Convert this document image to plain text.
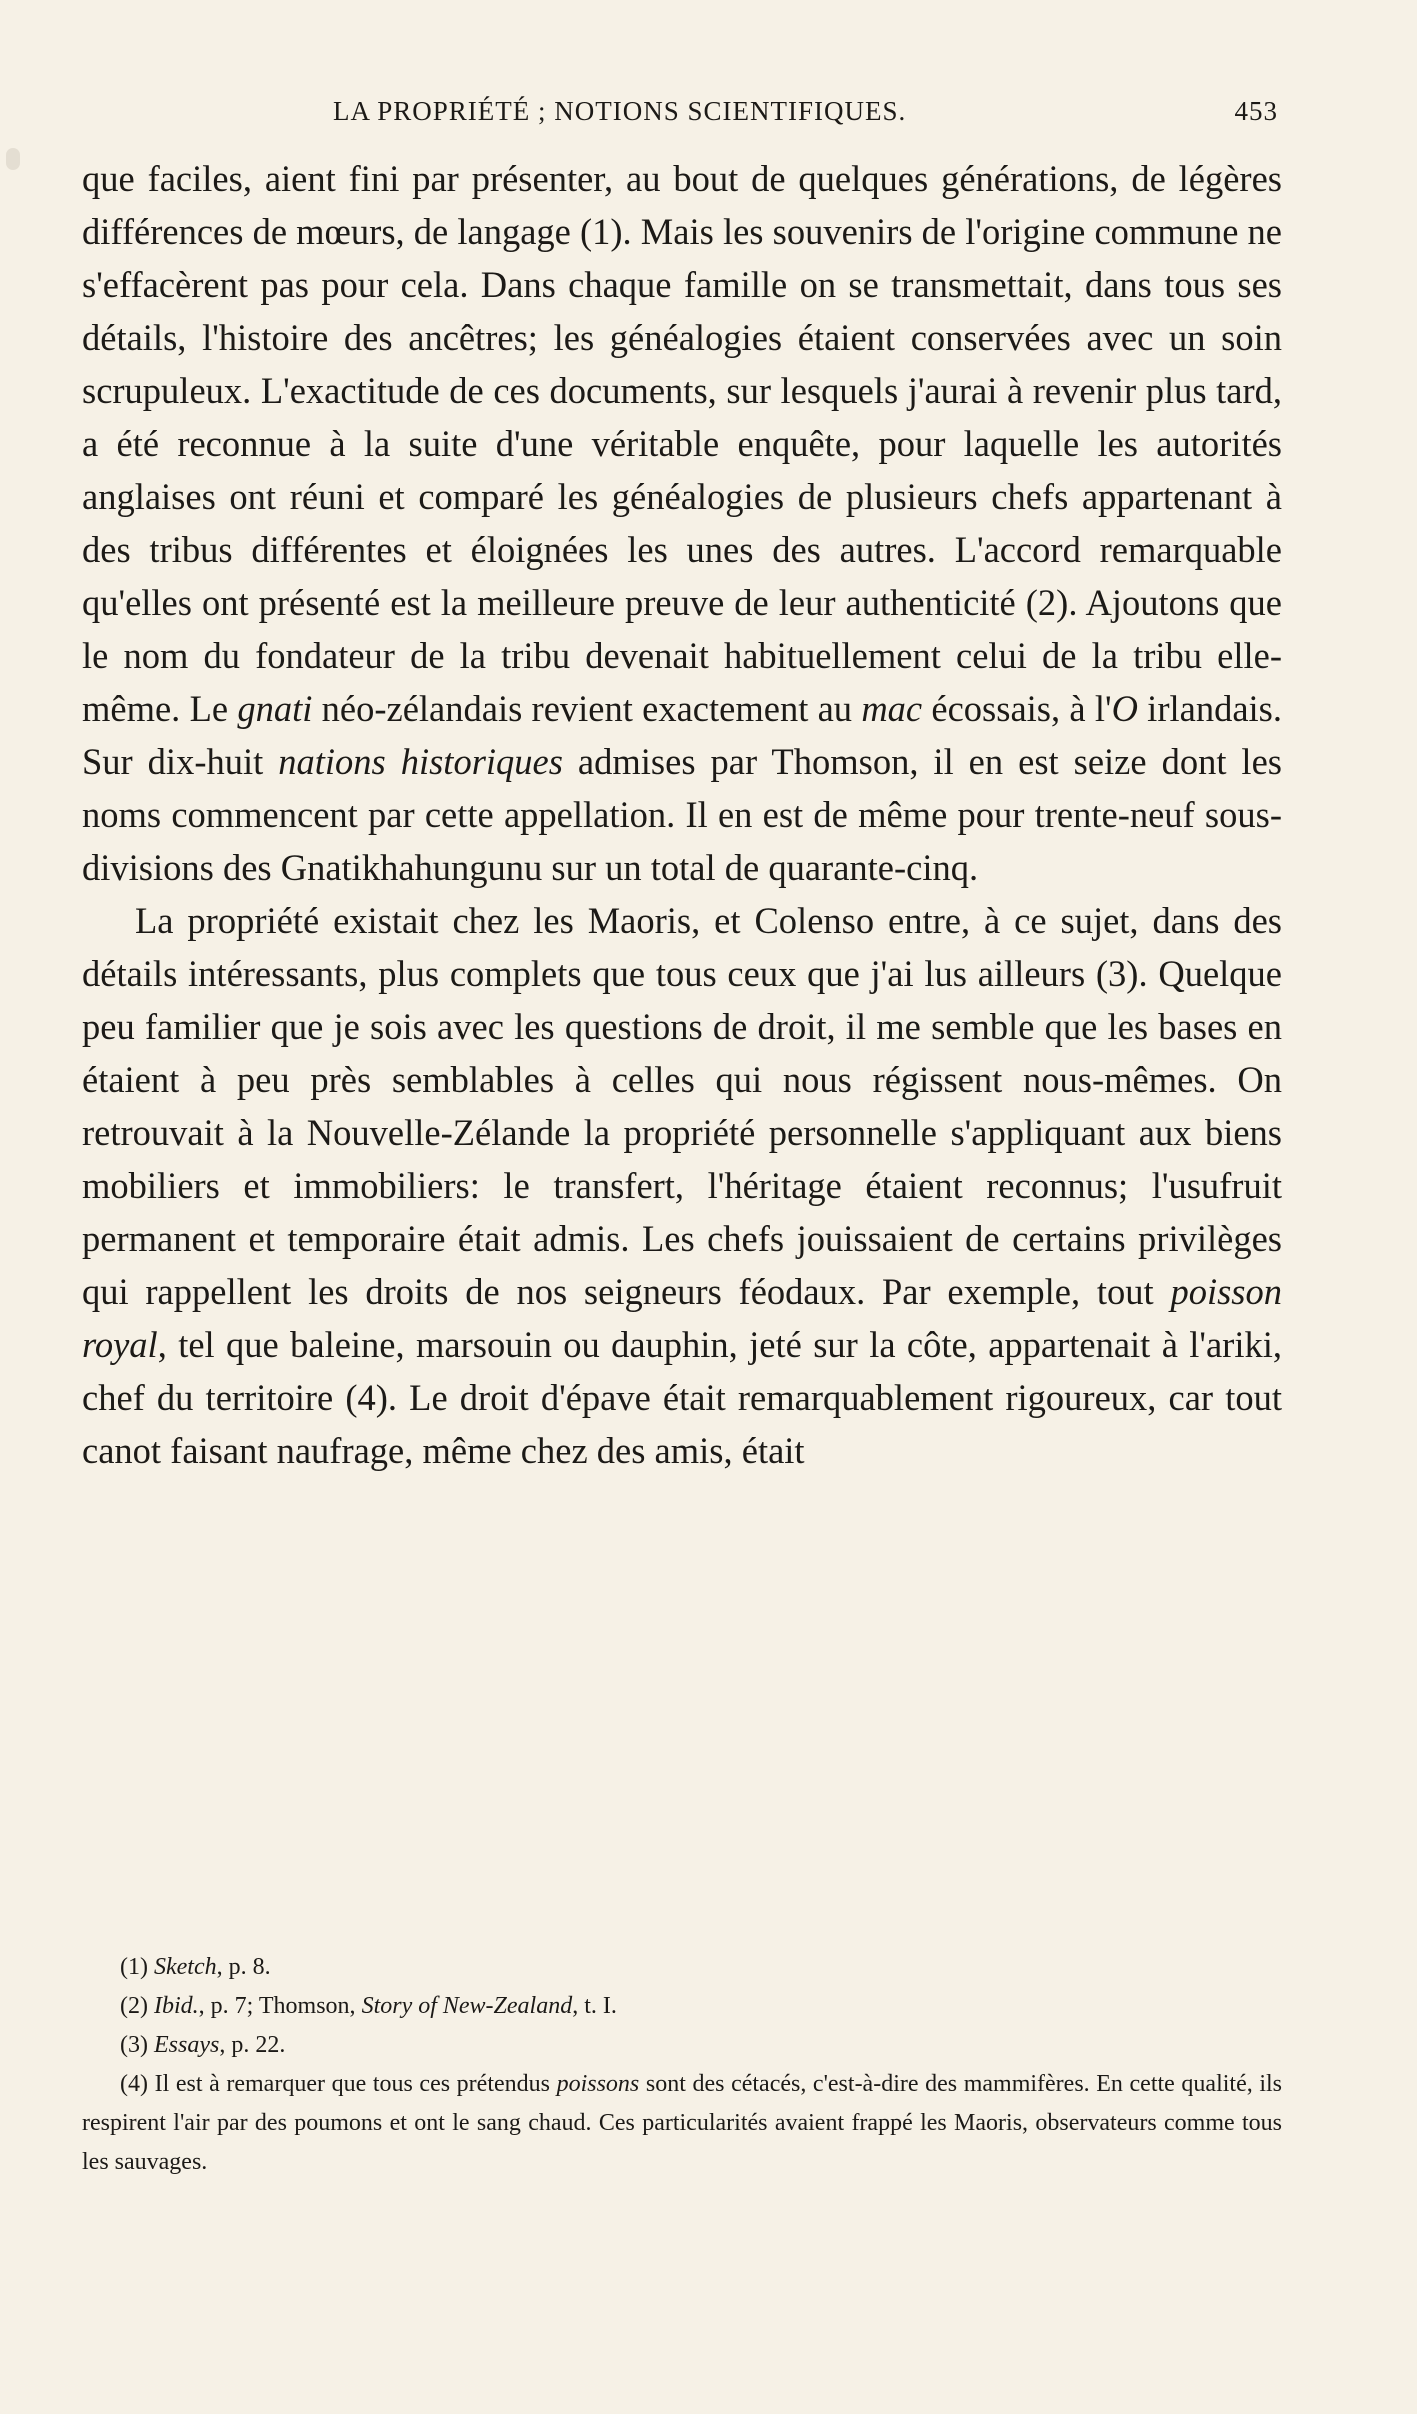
LA PROPRIÉTÉ ; NOTIONS SCIENTIFIQUES.	453

que faciles, aient fini par présenter, au bout de quelques générations, de légères différences de mœurs, de langage (1). Mais les souvenirs de l'origine commune ne s'effacèrent pas pour cela. Dans chaque famille on se transmettait, dans tous ses détails, l'histoire des ancêtres; les généalogies étaient conservées avec un soin scrupuleux. L'exactitude de ces documents, sur lesquels j'aurai à revenir plus tard, a été reconnue à la suite d'une véritable enquête, pour laquelle les autorités anglaises ont réuni et comparé les généalogies de plusieurs chefs appartenant à des tribus différentes et éloignées les unes des autres. L'accord remarquable qu'elles ont présenté est la meilleure preuve de leur authenticité (2). Ajoutons que le nom du fondateur de la tribu devenait habituellement celui de la tribu elle-même. Le gnati néo-zélandais revient exactement au mac écossais, à l'O irlandais. Sur dix-huit nations historiques admises par Thomson, il en est seize dont les noms commencent par cette appellation. Il en est de même pour trente-neuf sous-divisions des Gnatikhahungunu sur un total de quarante-cinq.

La propriété existait chez les Maoris, et Colenso entre, à ce sujet, dans des détails intéressants, plus complets que tous ceux que j'ai lus ailleurs (3). Quelque peu familier que je sois avec les questions de droit, il me semble que les bases en étaient à peu près semblables à celles qui nous régissent nous-mêmes. On retrouvait à la Nouvelle-Zélande la propriété personnelle s'appliquant aux biens mobiliers et immobiliers: le transfert, l'héritage étaient reconnus; l'usufruit permanent et temporaire était admis. Les chefs jouissaient de certains privilèges qui rappellent les droits de nos seigneurs féodaux. Par exemple, tout poisson royal, tel que baleine, marsouin ou dauphin, jeté sur la côte, appartenait à l'ariki, chef du territoire (4). Le droit d'épave était remarquablement rigoureux, car tout canot faisant naufrage, même chez des amis, était

(1) Sketch, p. 8.

(2) Ibid., p. 7; Thomson, Story of New-Zealand, t. I.

(3) Essays, p. 22.

(4) Il est à remarquer que tous ces prétendus poissons sont des cétacés, c'est-à-dire des mammifères. En cette qualité, ils respirent l'air par des poumons et ont le sang chaud. Ces particularités avaient frappé les Maoris, observateurs comme tous les sauvages.
